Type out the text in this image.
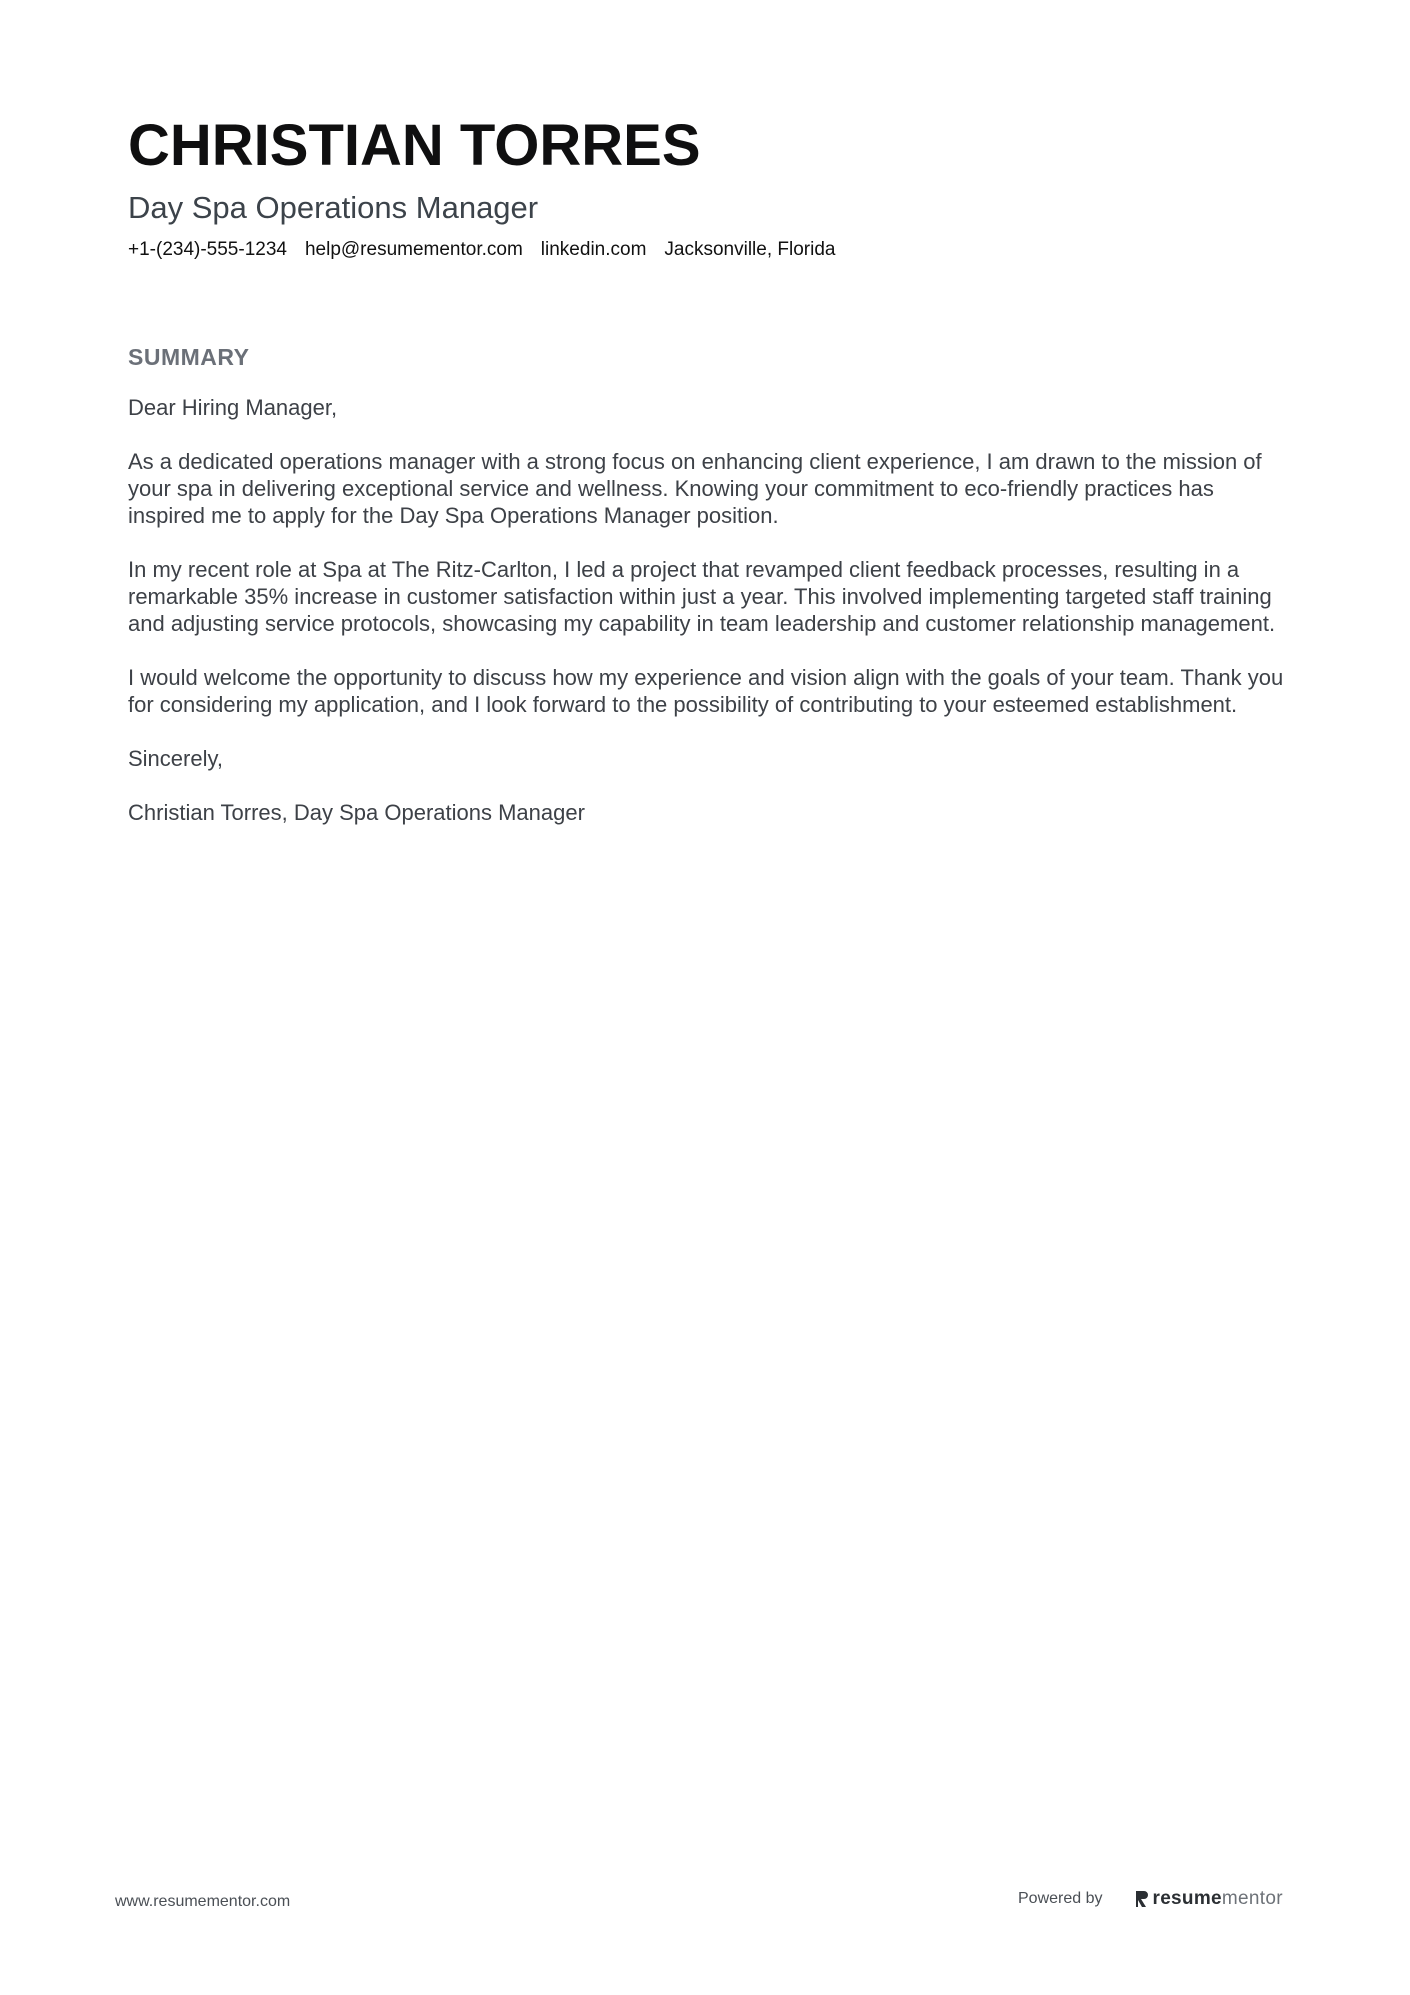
CHRISTIAN TORRES
Day Spa Operations Manager
+1-(234)-555-1234 help@resumementor.com linkedin.com Jacksonville, Florida
SUMMARY

Dear Hiring Manager,

As a dedicated operations manager with a strong focus on enhancing client experience, I am drawn to the mission of your spa in delivering exceptional service and wellness. Knowing your commitment to eco-friendly practices has inspired me to apply for the Day Spa Operations Manager position.

In my recent role at Spa at The Ritz-Carlton, I led a project that revamped client feedback processes, resulting in a remarkable 35% increase in customer satisfaction within just a year. This involved implementing targeted staff training and adjusting service protocols, showcasing my capability in team leadership and customer relationship management.

I would welcome the opportunity to discuss how my experience and vision align with the goals of your team. Thank you for considering my application, and I look forward to the possibility of contributing to your esteemed establishment.

Sincerely,

Christian Torres, Day Spa Operations Manager

www.resumementor.com	Powered by	resume mentor
